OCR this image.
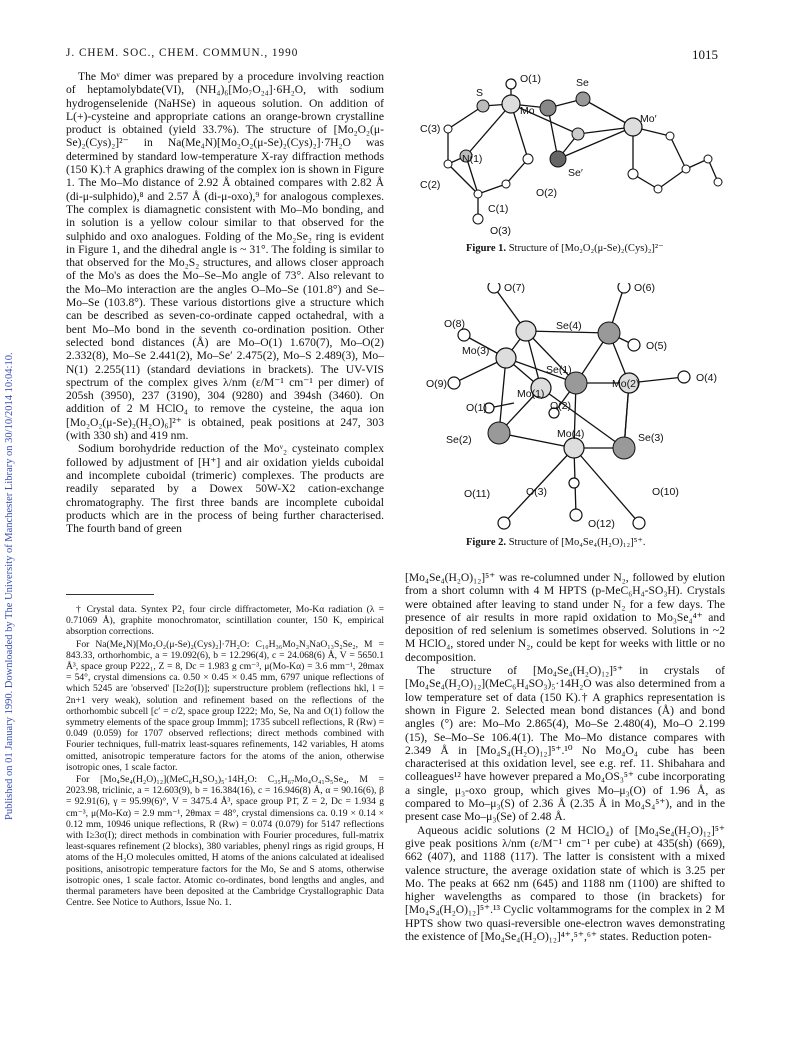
J. CHEM. SOC., CHEM. COMMUN., 1990	1015
Published on 01 January 1990. Downloaded by The University of Manchester Library on 30/10/2014 10:04:10.

The Moᵛ dimer was prepared by a procedure involving reaction of heptamolybdate(VI), (NH₄)₆[Mo₇O₂₄]·6H₂O, with sodium hydrogenselenide (NaHSe) in aqueous solution. On addition of L(+)-cysteine and appropriate cations an orange-brown crystalline product is obtained (yield 33.7%). The structure of [Mo₂O₂(μ-Se)₂(Cys)₂]²⁻ in Na(Me₄N)[Mo₂O₂(μ-Se)₂(Cys)₂]·7H₂O was determined by standard low-temperature X-ray diffraction methods (150 K).† A graphics drawing of the complex ion is shown in Figure 1. The Mo–Mo distance of 2.92 Å obtained compares with 2.82 Å (di-μ-sulphido),⁸ and 2.57 Å (di-μ-oxo),⁹ for analogous complexes. The complex is diamagnetic consistent with Mo–Mo bonding, and in solution is a yellow colour similar to that observed for the sulphido and oxo analogues. Folding of the Mo₂Se₂ ring is evident in Figure 1, and the dihedral angle is ~ 31°. The folding is similar to that observed for the Mo₂S₂ structures, and allows closer approach of the Mo's as does the Mo–Se–Mo angle of 73°. Also relevant to the Mo–Mo interaction are the angles O–Mo–Se (101.8°) and Se–Mo–Se (103.8°). These various distortions give a structure which can be described as seven-co-ordinate capped octahedral, with a bent Mo–Mo bond in the seventh co-ordination position. Other selected bond distances (Å) are Mo–O(1) 1.670(7), Mo–O(2) 2.332(8), Mo–Se 2.441(2), Mo–Se′ 2.475(2), Mo–S 2.489(3), Mo–N(1) 2.255(11) (standard deviations in brackets). The UV-VIS spectrum of the complex gives λ/nm (ε/M⁻¹ cm⁻¹ per dimer) of 205sh (3950), 237 (3190), 304 (9280) and 394sh (3460). On addition of 2 M HClO₄ to remove the cysteine, the aqua ion [Mo₂O₂(μ-Se)₂(H₂O)₆]²⁺ is obtained, peak positions at 247, 303 (with 330 sh) and 419 nm.

Sodium borohydride reduction of the Moᵛ₂ cysteinato complex followed by adjustment of [H⁺] and air oxidation yields cuboidal and incomplete cuboidal (trimeric) complexes. The products are readily separated by a Dowex 50W-X2 cation-exchange chromatography. The first three bands are incomplete cuboidal products which are in the process of being further characterised. The fourth band of green

† Crystal data. Syntex P2₁ four circle diffractometer, Mo-Kα radiation (λ = 0.71069 Å), graphite monochromator, scintillation counter, 150 K, empirical absorption corrections.

For Na(Me₄N)[Mo₂O₂(μ-Se)₂(Cys)₂]·7H₂O: C₁₀H₃₆Mo₂N₃NaO₁₃S₂Se₂, M = 843.33, orthorhombic, a = 19.092(6), b = 12.296(4), c = 24.068(6) Å, V = 5650.1 Å³, space group P222₁, Z = 8, Dc = 1.983 g cm⁻³, μ(Mo-Kα) = 3.6 mm⁻¹, 2θmax = 54°, crystal dimensions ca. 0.50 × 0.45 × 0.45 mm, 6797 unique reflections of which 5245 are 'observed' [I≥2σ(I)]; superstructure problem (reflections hkl, l = 2n+1 very weak), solution and refinement based on the reflections of the orthorhombic subcell [c′ = c/2, space group I222; Mo, Se, Na and O(1) follow the symmetry elements of the space group Immm]; 1735 subcell reflections, R (Rw) = 0.049 (0.059) for 1707 observed reflections; direct methods combined with Fourier techniques, full-matrix least-squares refinements, 142 variables, H atoms omitted, anisotropic temperature factors for the atoms of the anion, otherwise isotropic ones, 1 scale factor.

For [Mo₄Se₄(H₂O)₁₂](MeC₆H₄SO₃)₅·14H₂O: C₃₅H₆₇Mo₄O₄₁S₅Se₄, M = 2023.98, triclinic, a = 12.603(9), b = 16.384(16), c = 16.946(8) Å, α = 90.16(6), β = 92.91(6), γ = 95.99(6)°, V = 3475.4 Å³, space group P1̄, Z = 2, Dc = 1.934 g cm⁻³, μ(Mo-Kα) = 2.9 mm⁻¹, 2θmax = 48°, crystal dimensions ca. 0.19 × 0.14 × 0.12 mm, 10946 unique reflections, R (Rw) = 0.074 (0.079) for 5147 reflections with I≥3σ(I); direct methods in combination with Fourier procedures, full-matrix least-squares refinement (2 blocks), 380 variables, phenyl rings as rigid groups, H atoms of the H₂O molecules omitted, H atoms of the anions calculated at idealised positions, anisotropic temperature factors for the Mo, Se and S atoms, otherwise isotropic ones, 1 scale factor. Atomic co-ordinates, bond lengths and angles, and thermal parameters have been deposited at the Cambridge Crystallographic Data Centre. See Notice to Authors, Issue No. 1.

O(1)
S
Se
Mo
Mo′
C(3)
N(1)
Se′
C(2)
O(2)
C(1)
O(3)
Figure 1. Structure of [Mo₂O₂(μ-Se)₂(Cys)₂]²⁻
O(7)	O(6)
O(8)	Se(4)
O(5)
Mo(3)
Se(1)
O(4)
O(9)	Mo(2)
Mo(1)
O(1)	O(2)
Se(2)	Mo(4)	Se(3)
O(3)
O(11)	O(10)
O(12)
Figure 2. Structure of [Mo₄Se₄(H₂O)₁₂]⁵⁺.

[Mo₄Se₄(H₂O)₁₂]⁵⁺ was re-columned under N₂, followed by elution from a short column with 4 M HPTS (p-MeC₆H₄-SO₃H). Crystals were obtained after leaving to stand under N₂ for a few days. The presence of air results in more rapid oxidation to Mo₃Se₄⁴⁺ and deposition of red selenium is sometimes observed. Solutions in ~2 M HClO₄, stored under N₂, could be kept for weeks with little or no decomposition.

The structure of [Mo₄Se₄(H₂O)₁₂]⁵⁺ in crystals of [Mo₄Se₄(H₂O)₁₂](MeC₆H₄SO₃)₅·14H₂O was also determined from a low temperature set of data (150 K).† A graphics representation is shown in Figure 2. Selected mean bond distances (Å) and bond angles (°) are: Mo–Mo 2.865(4), Mo–Se 2.480(4), Mo–O 2.199 (15), Se–Mo–Se 106.4(1). The Mo–Mo distance compares with 2.349 Å in [Mo₄S₄(H₂O)₁₂]⁵⁺.¹⁰ No Mo₄O₄ cube has been characterised at this oxidation level, see e.g. ref. 11. Shibahara and colleagues¹² have however prepared a Mo₄OS₃⁵⁺ cube incorporating a single, μ₃-oxo group, which gives Mo–μ₃(O) of 1.96 Å, as compared to Mo–μ₃(S) of 2.36 Å (2.35 Å in Mo₄S₄⁵⁺), and in the present case Mo–μ₃(Se) of 2.48 Å.

Aqueous acidic solutions (2 M HClO₄) of [Mo₄Se₄(H₂O)₁₂]⁵⁺ give peak positions λ/nm (ε/M⁻¹ cm⁻¹ per cube) at 435(sh) (669), 662 (407), and 1188 (117). The latter is consistent with a mixed valence structure, the average oxidation state of which is 3.25 per Mo. The peaks at 662 nm (645) and 1188 nm (1100) are shifted to higher wavelengths as compared to those (in brackets) for [Mo₄S₄(H₂O)₁₂]⁵⁺.¹³ Cyclic voltammograms for the complex in 2 M HPTS show two quasi-reversible one-electron waves demonstrating the existence of [Mo₄Se₄(H₂O)₁₂]⁴⁺,⁵⁺,⁶⁺ states. Reduction poten-
